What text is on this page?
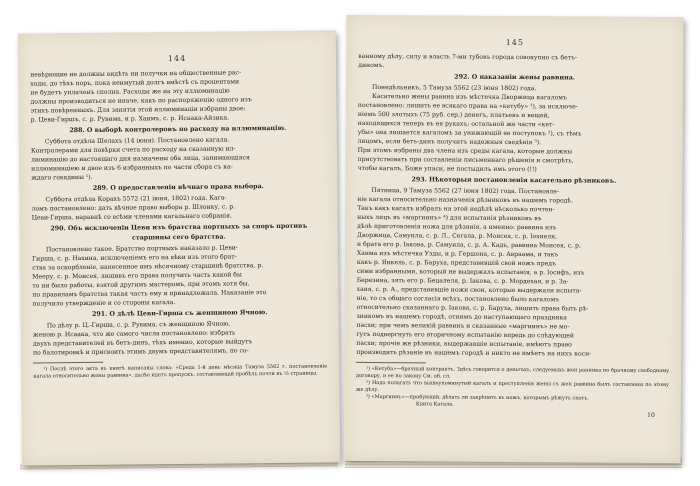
144

невѣрющие не должны видѣть ни получки на общественные рас-

ходы, до тѣхъ поръ, пока неимутый долгъ вмѣстѣ съ процентами

не будетъ уплаченъ сполна. Расходы же на эту иллюминацію

должны производиться не иначе, какъ по распоряженію одного изъ

этихъ повѣренныхъ. Для занятія этой иллюминаціи избраны двое:

р. Цеви-Гиршъ, с. р. Рувима, и р. Хаимъ, с. р. Исаака-Айзика.

288. О выборѣ контролеровъ по расходу на иллюминацію.

Суббота отдѣла Шелахъ (14 іюня). Постановлено кагала.

Контролерами для повѣрки счета по расходу на сказанную ил-

люминацію до настоящаго дня назначены оба лица, занимающіяся

иллюминаціею и двое изъ 6 избранныхъ по части сбора съ ка-

ждаго говядины ¹).

289. О предоставленіи вѣчнаго права выбора.

Суббота отдѣла Корахъ 5572 (21 іюня, 1802) года. Кага-

ломъ постановлено: дать вѣчное право выбора р. Шлоику, с. р.

Цеви-Гирша, наравнѣ со всѣми членами кагальнаго собранія.

290. Объ исключеніи Цеви изъ братства портныхъ за споръ противъ старшины сего братства.

Постановлено такое. Братство портныхъ наказало р. Цеви-

Гирша, с. р. Нахина, исключеніемъ его на вѣки изъ этого брат-

ства за оскорбленіе, нанесенное имъ нѣсячному старшинѣ братства, р.

Мееру, с. р. Моисея, лишивъ его права получить часть какой бы

то ни было работы, взятой другимъ мастеромъ, при этомъ хотя бы,

по правиламъ братства такая часть ему и принадлежала. Наказаніе это

получило утвержденіе и со стороны кагала.

291. О дѣлѣ Цеви-Гирша съ женщиною Ячною.

По дѣлу р. Ц.-Гирша, с. р. Рувима, съ женщиною Ячною,

женою р. Исаака, что же самого числа постановлено: избрать

двухъ представителей въ бетъ-динъ, тѣхъ именно, которые выйдутъ

по балотировкѣ и присвоить этимъ двумъ представителямъ, по со-

¹) Послѣ этого акта въ книгѣ написаны слова: «Среда 1-й день мѣсяца Тамуза 5562 г. постановленіе кагала относительно жены раввина», далѣе идетъ пропускъ, составляющій пробѣлъ почти въ ½ страницы.

145

ванному дѣлу, силу и власть 7-ми тубовъ города совокупно съ бетъ-

диномъ.

292. О наказаніи жены раввина.

Понедѣльникъ, 5 Тамуза 5562 (23 іюня 1802) года.

Касательно жены равина изъ мѣстечка Дворжица кагаломъ

постановлено: лишить ее всякаго права на «кетубу» ¹), за исключе-

ніемъ 500 злотыхъ (75 руб. сер.) денегъ, платьевъ и вещей,

находящихся теперь въ ея рукахъ; остальной же части «кет-

убы» она лишается кагаломъ за унижающій ее поступокъ ²), съ тѣмъ

лицомъ, если бетъ-динъ получитъ надежныя сведѣнія ³).

При этомъ избраны два члена изъ среды кагала, которые должны

присутствовать при составленіи письменнаго рѣшенія и смотрѣть,

чтобы кагалъ, Боже упаси, не постыдилъ имъ этого (!!)

293. Нѣкоторыя постановленія касательно рѣзниковъ.

Пятница, 9 Тамуза 5562 (27 іюня 1802) года. Постановле-

ніе кагала относительно назначенія рѣзниковъ въ нашемъ городѣ.

Такъ какъ кагалъ избралъ на этой недѣлѣ нѣсколько почтен-

ныхъ лицъ въ «маргиинъ» ⁴) для испытанія рѣзниковъ въ

дѣлѣ приготовленія ножа для рѣзанія, а именно: раввина изъ

Дворжица, Самуила, с. р. Л., Сегала, р. Моисея, с. р. Іохиеля,

и брата его р. Іакова, р. Самуила, с. р. А. Кадъ, раввина Моисея, с. р.

Хаима изъ мѣстечка Узды, и р. Гершона, с. р. Авраама, и такъ

какъ р. Янкель, с. р. Баруха, представившій свой ножъ предъ

сими избранными, который не выдержалъ испытанія, а р. Іосифъ, изъ

Березина, зять его р. Бецалеля, р. Іакова, с. р. Мордехая, и р. За-

хаия, с. р. А., представившіе ножи свои, которые выдержали испыта-

ніе, то съ общаго согласія всѣхъ, постановлено было кагаломъ

относительно сказаннаго р. Іакова, с. р. Баруха, лишить права быть рѣ-

зникомъ въ нашемъ городѣ, отнимъ до наступающаго праздника

пасхи; при чемъ великій раввинъ и сказанные «маргиинъ» не мо-

гутъ подвергнуть его вторичному испытанію впредь до слѣдующей

пасхи; прочіе же рѣзники, выдержавшіе испытаніе, имѣютъ право

производить рѣзаніе въ нашемъ городѣ и никто не имѣетъ на нихъ коси-

¹) «Кетуба»—брачный контрактъ. Здѣсь говорится о деньгахъ, следуемыхъ жен ранника по брачному свободному договору, и ее по закону См. об. сл.

²) Надо полагать что вышеупомянутый кагалъ и преступленія жены съ жен раввина былъ составлены по этому же дѣлу.

³) «Маргиинъ»—пробующій, дѣлать ли закрѣпить въ ножъ, которымъ рѣжутъ скотъ.

Книга Кагала.

10
